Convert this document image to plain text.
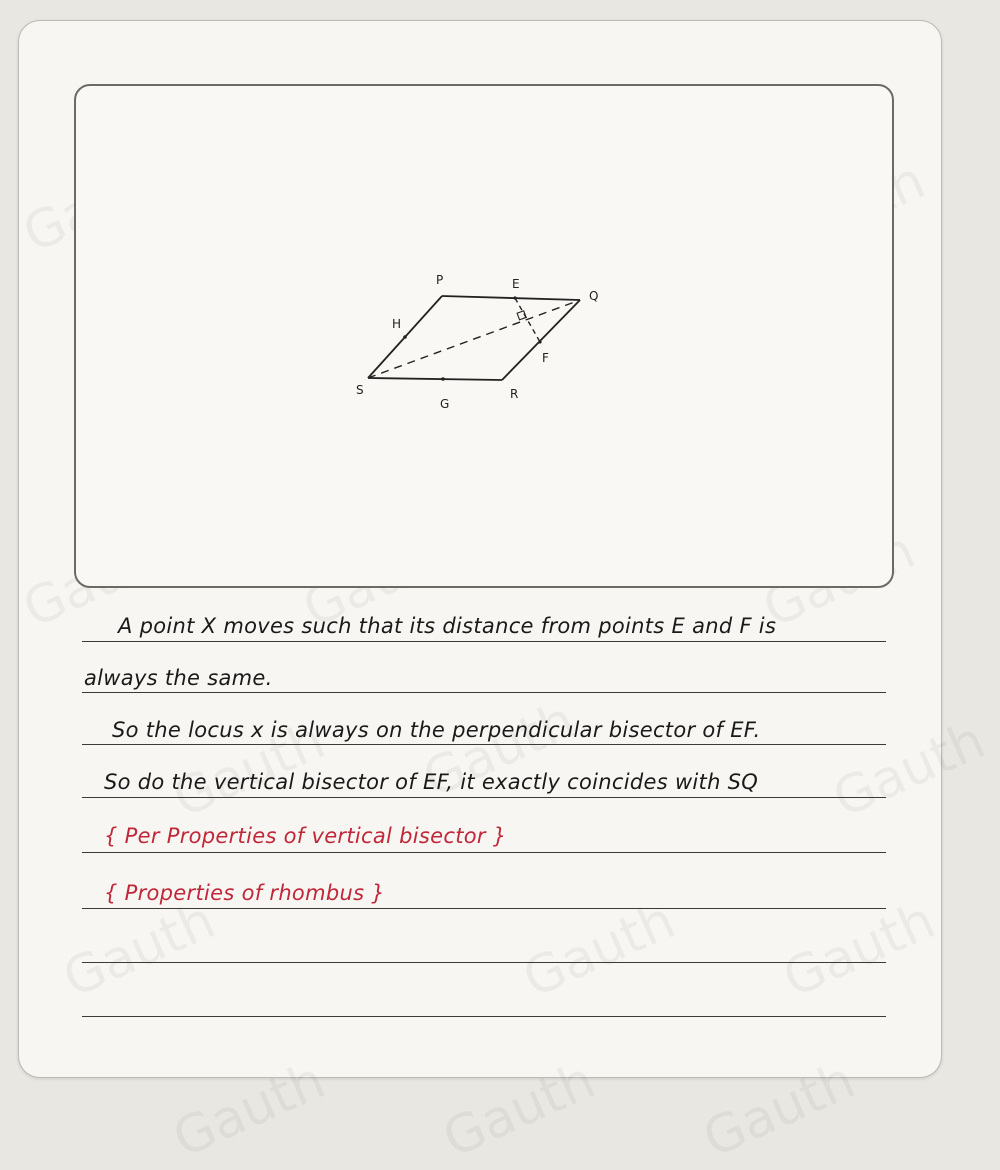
P	E
Q
H
F
S
G
R
A point X moves such that its distance from points E and F is
always the same.
So the locus x is always on the perpendicular bisector of EF.
So do the vertical bisector of EF, it exactly coincides with SQ
{ Per Properties of vertical bisector }
{ Properties of rhombus }
